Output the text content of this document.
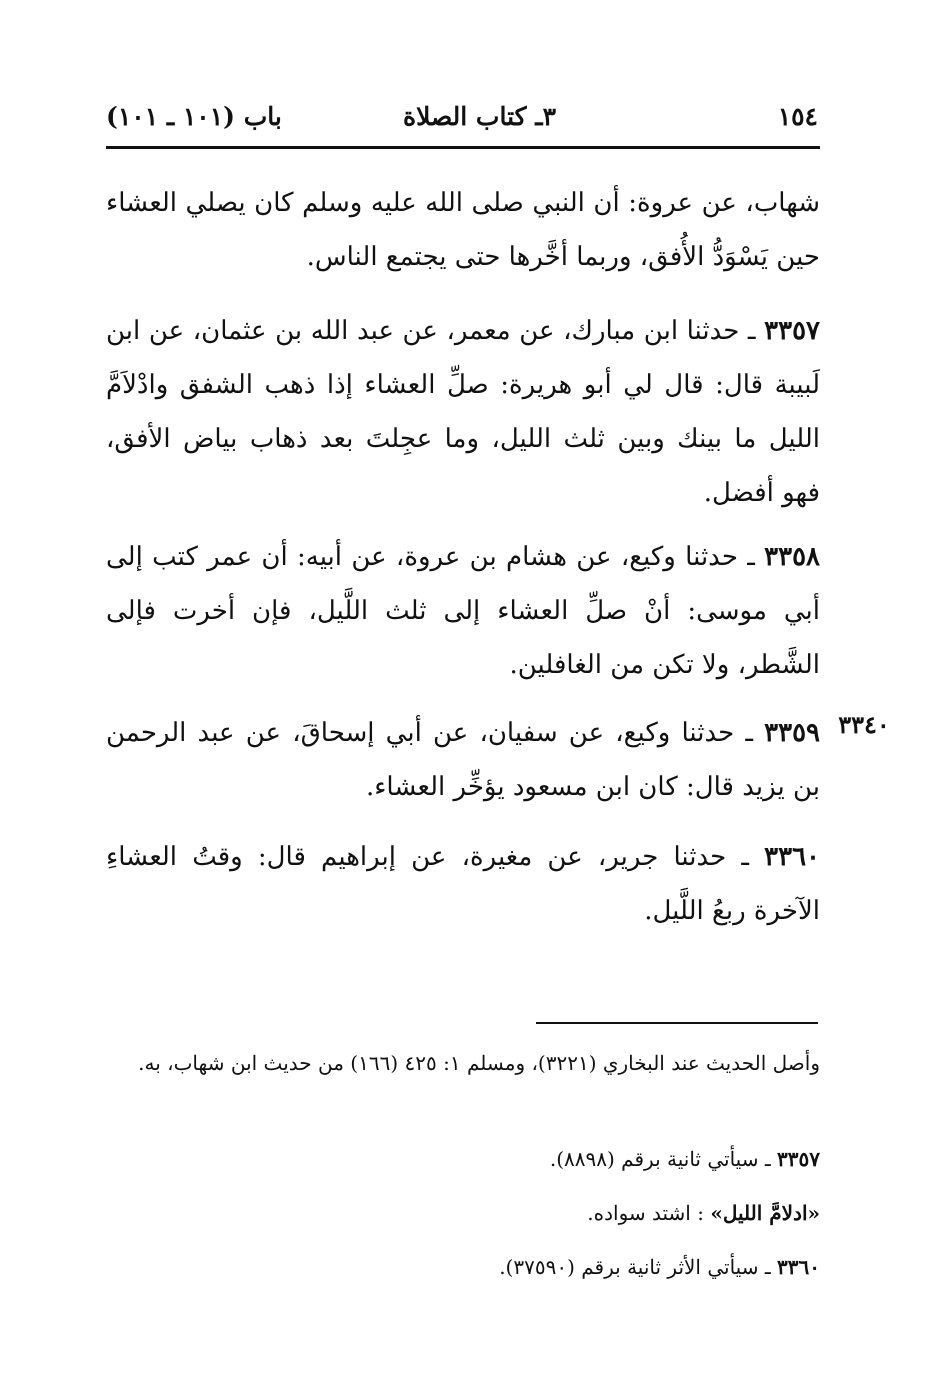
١٥٤
٣ـ كتاب الصلاة
باب (١٠١ ـ ١٠١)

شهاب، عن عروة: أن النبي صلى الله عليه وسلم كان يصلي العشاء حين يَسْوَدُّ الأُفق، وربما أخَّرها حتى يجتمع الناس.

٣٣٥٧ ـ حدثنا ابن مبارك، عن معمر، عن عبد الله بن عثمان، عن ابن لَبيبة قال: قال لي أبو هريرة: صلِّ العشاء إذا ذهب الشفق وادْلاَمَّ الليل ما بينك وبين ثلث الليل، وما عجِلتَ بعد ذهاب بياض الأفق، فهو أفضل.

٣٣٥٨ ـ حدثنا وكيع، عن هشام بن عروة، عن أبيه: أن عمر كتب إلى أبي موسى: أنْ صلِّ العشاء إلى ثلث اللَّيل، فإن أخرت فإلى الشَّطر، ولا تكن من الغافلين.

٣٣٤٠

٣٣٥٩ ـ حدثنا وكيع، عن سفيان، عن أبي إسحاقَ، عن عبد الرحمن بن يزيد قال: كان ابن مسعود يؤخِّر العشاء.

٣٣٦٠ ـ حدثنا جرير، عن مغيرة، عن إبراهيم قال: وقتُ العشاءِ الآخرة ربعُ اللَّيل.

وأصل الحديث عند البخاري (٣٢٢١)، ومسلم ١: ٤٢٥ (١٦٦) من حديث ابن شهاب، به.

٣٣٥٧ ـ سيأتي ثانية برقم (٨٨٩٨).

«ادلامَّ الليل» : اشتد سواده.

٣٣٦٠ ـ سيأتي الأثر ثانية برقم (٣٧٥٩٠).
